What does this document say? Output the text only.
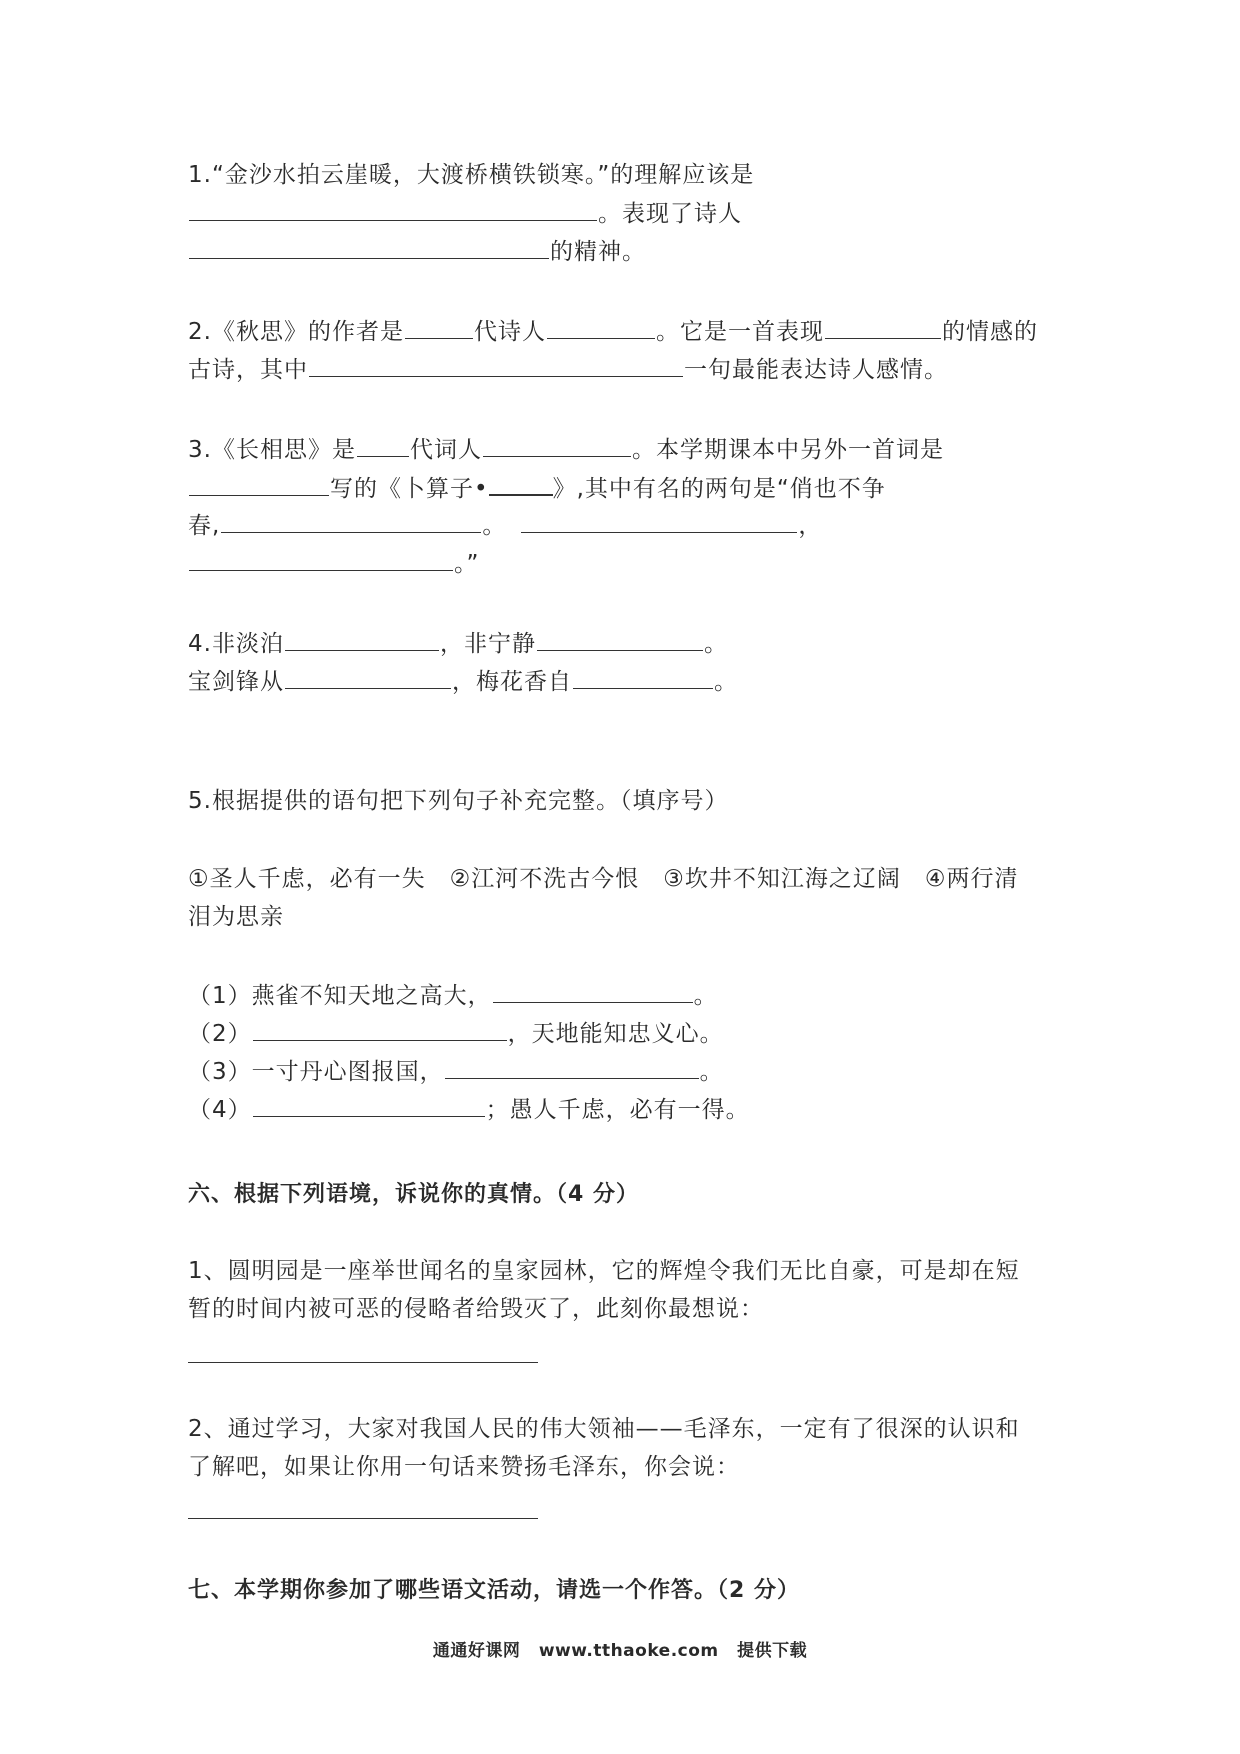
1.“金沙水拍云崖暖，大渡桥横铁锁寒。”的理解应该是
。表现了诗人
的精神。
2.《秋思》的作者是	代诗人	。它是一首表现	的情感的
古诗，其中	一句最能表达诗人感情。
3.《长相思》是 代词人	。本学期课本中另外一首词是
写的《卜算子•	》,其中有名的两句是“俏也不争
春,	。	，
。”
4.非淡泊	，非宁静	。
宝剑锋从	，梅花香自	。
5.根据提供的语句把下列句子补充完整。（填序号）
①圣人千虑，必有一失　②江河不洗古今恨　③坎井不知江海之辽阔　④两行清
泪为思亲
（1）燕雀不知天地之高大，	。
（2）	，天地能知忠义心。
（3）一寸丹心图报国，	。
（4）	；愚人千虑，必有一得。
六、根据下列语境，诉说你的真情。（4 分）
1、圆明园是一座举世闻名的皇家园林，它的辉煌令我们无比自豪，可是却在短
暂的时间内被可恶的侵略者给毁灭了，此刻你最想说：
2、通过学习，大家对我国人民的伟大领袖——毛泽东，一定有了很深的认识和
了解吧，如果让你用一句话来赞扬毛泽东，你会说：
七、本学期你参加了哪些语文活动，请选一个作答。（2 分）
通通好课网 www.tthaoke.com 提供下载
